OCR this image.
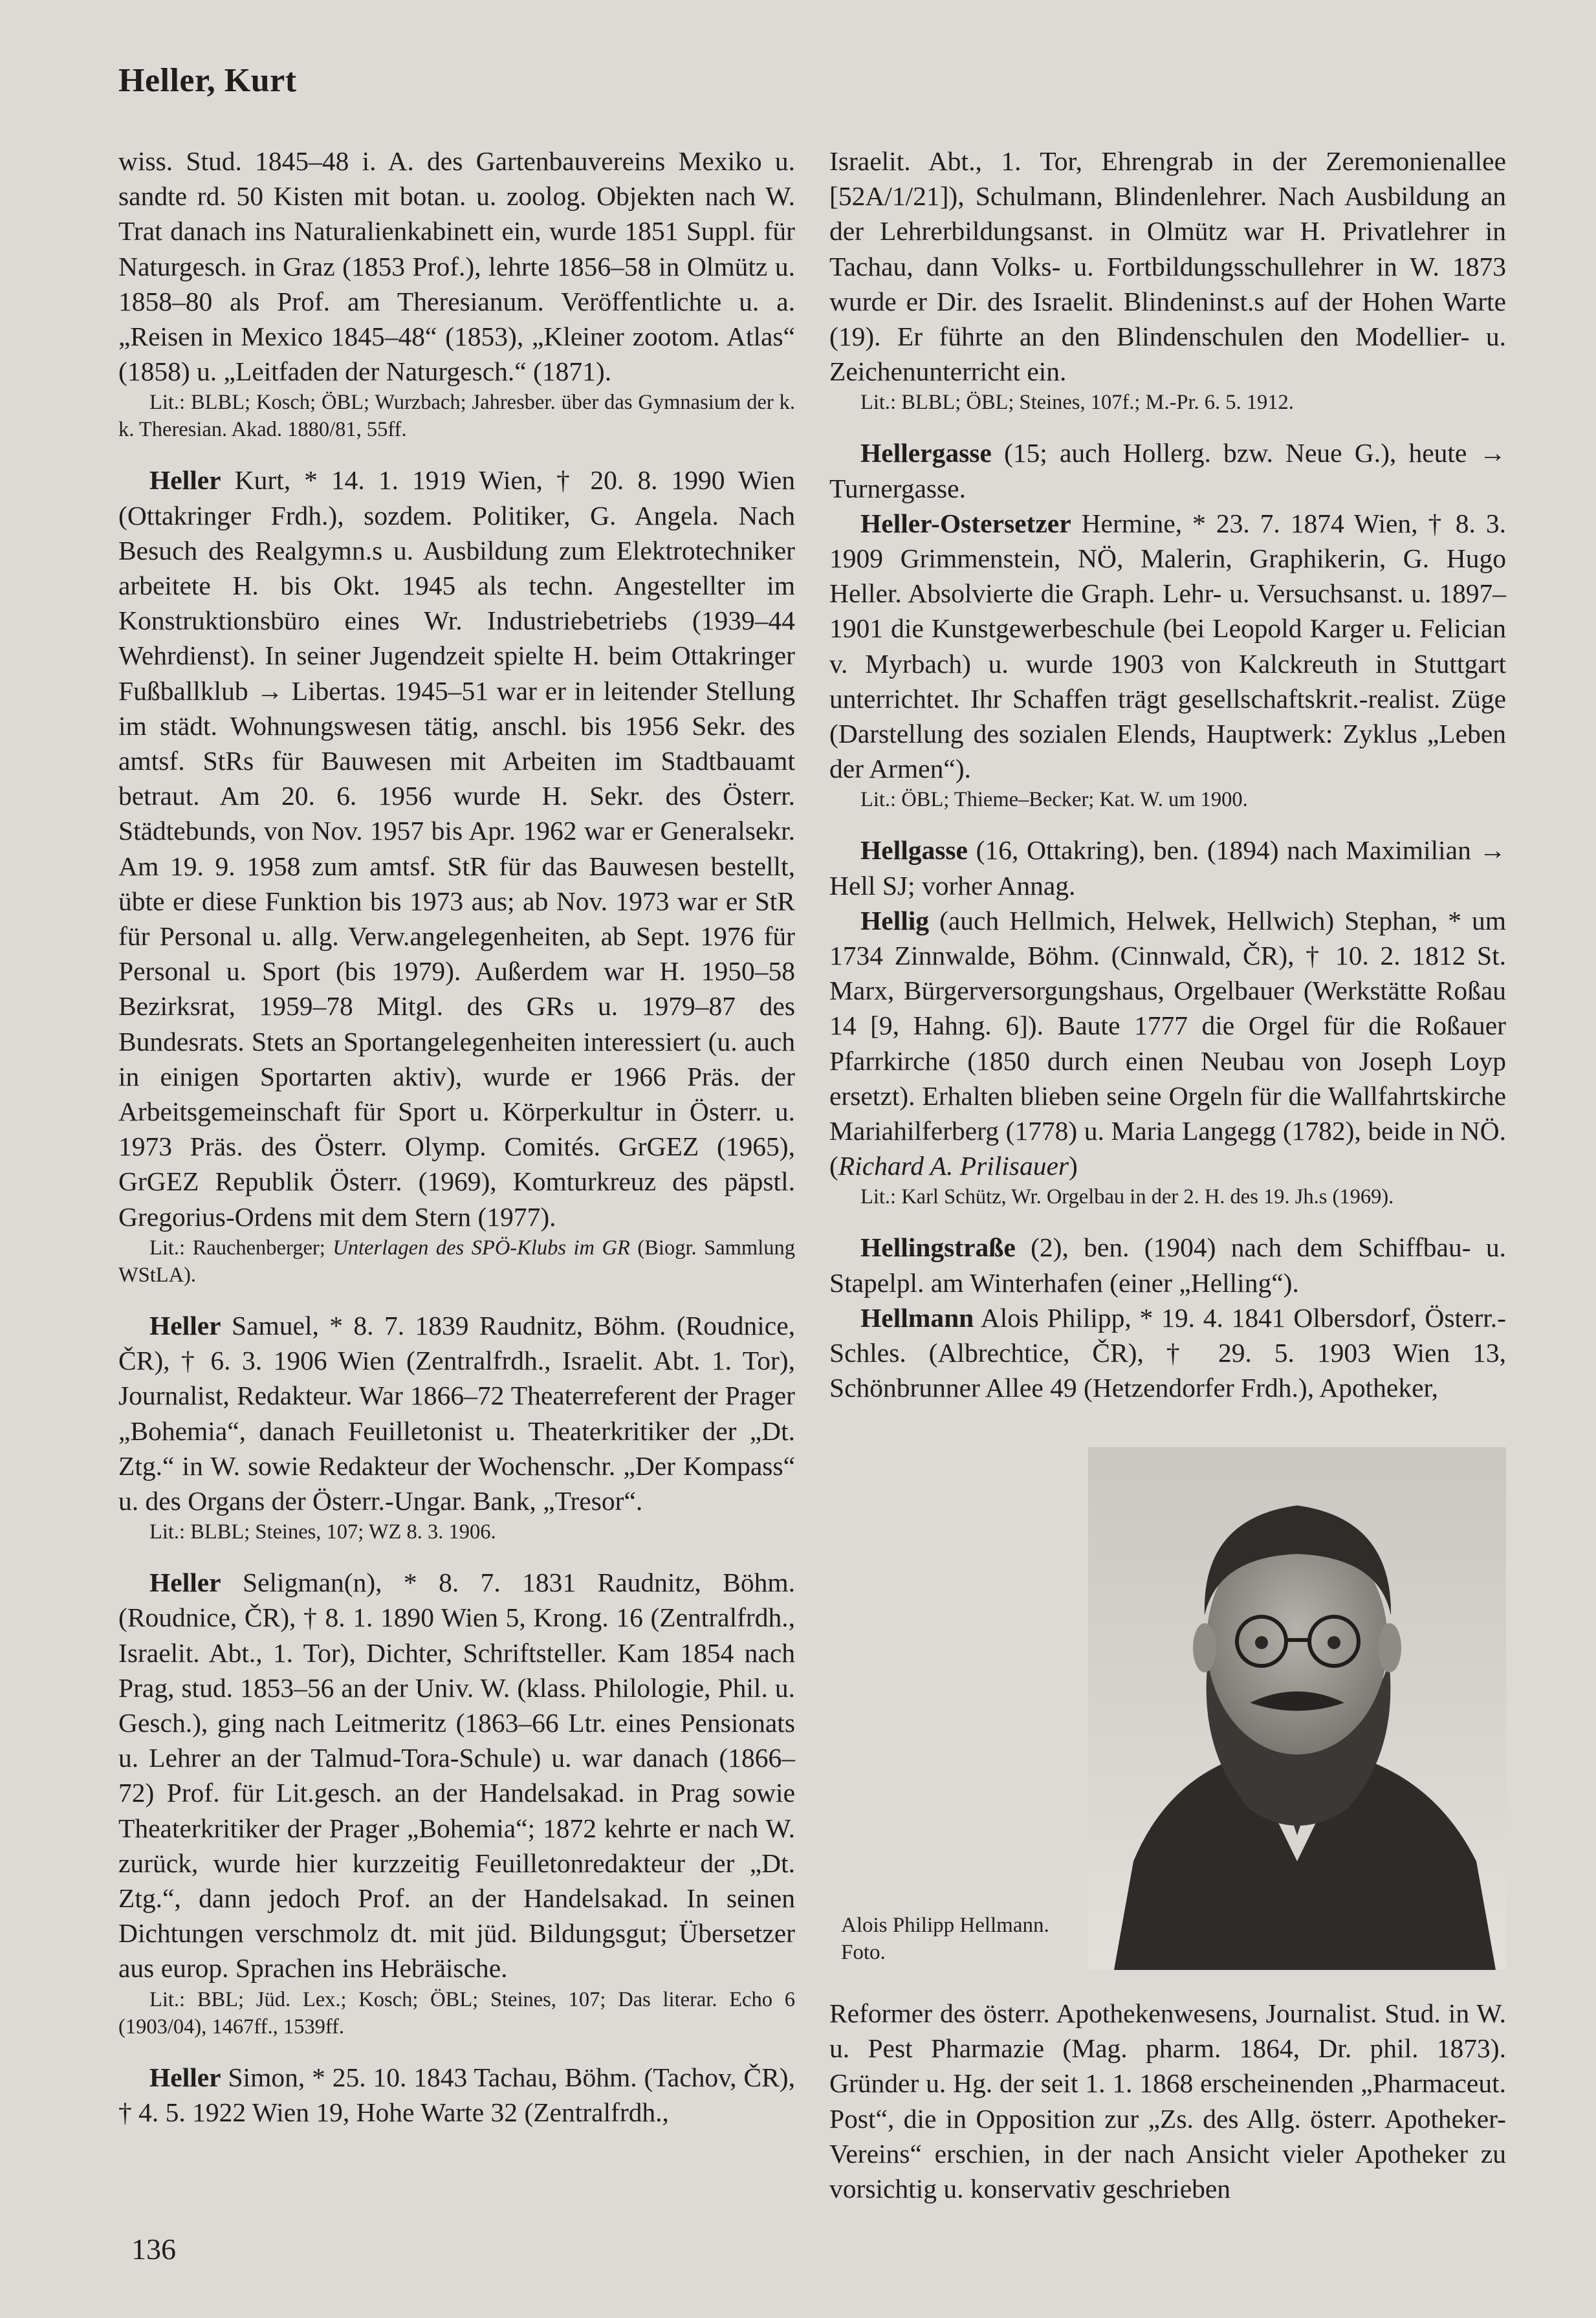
Heller, Kurt

wiss. Stud. 1845–48 i. A. des Gartenbauvereins Mexiko u. sandte rd. 50 Kisten mit botan. u. zoolog. Objekten nach W. Trat danach ins Naturalienkabinett ein, wurde 1851 Suppl. für Naturgesch. in Graz (1853 Prof.), lehrte 1856–58 in Olmütz u. 1858–80 als Prof. am Theresianum. Veröffentlichte u. a. „Reisen in Mexico 1845–48“ (1853), „Kleiner zootom. Atlas“ (1858) u. „Leitfaden der Naturgesch.“ (1871).

Lit.: BLBL; Kosch; ÖBL; Wurzbach; Jahresber. über das Gymnasium der k. k. Theresian. Akad. 1880/81, 55ff.

Heller Kurt, * 14. 1. 1919 Wien, † 20. 8. 1990 Wien (Ottakringer Frdh.), sozdem. Politiker, G. Angela. Nach Besuch des Realgymn.s u. Ausbildung zum Elektrotechniker arbeitete H. bis Okt. 1945 als techn. Angestellter im Konstruktionsbüro eines Wr. Industriebetriebs (1939–44 Wehrdienst). In seiner Jugendzeit spielte H. beim Ottakringer Fußballklub → Libertas. 1945–51 war er in leitender Stellung im städt. Wohnungswesen tätig, anschl. bis 1956 Sekr. des amtsf. StRs für Bauwesen mit Arbeiten im Stadtbauamt betraut. Am 20. 6. 1956 wurde H. Sekr. des Österr. Städtebunds, von Nov. 1957 bis Apr. 1962 war er Generalsekr. Am 19. 9. 1958 zum amtsf. StR für das Bauwesen bestellt, übte er diese Funktion bis 1973 aus; ab Nov. 1973 war er StR für Personal u. allg. Verw.angelegenheiten, ab Sept. 1976 für Personal u. Sport (bis 1979). Außerdem war H. 1950–58 Bezirksrat, 1959–78 Mitgl. des GRs u. 1979–87 des Bundesrats. Stets an Sportangelegenheiten interessiert (u. auch in einigen Sportarten aktiv), wurde er 1966 Präs. der Arbeitsgemeinschaft für Sport u. Körperkultur in Österr. u. 1973 Präs. des Österr. Olymp. Comités. GrGEZ (1965), GrGEZ Republik Österr. (1969), Komturkreuz des päpstl. Gregorius-Ordens mit dem Stern (1977).

Lit.: Rauchenberger; Unterlagen des SPÖ-Klubs im GR (Biogr. Sammlung WStLA).

Heller Samuel, * 8. 7. 1839 Raudnitz, Böhm. (Roudnice, ČR), † 6. 3. 1906 Wien (Zentralfrdh., Israelit. Abt. 1. Tor), Journalist, Redakteur. War 1866–72 Theaterreferent der Prager „Bohemia“, danach Feuilletonist u. Theaterkritiker der „Dt. Ztg.“ in W. sowie Redakteur der Wochenschr. „Der Kompass“ u. des Organs der Österr.-Ungar. Bank, „Tresor“.

Lit.: BLBL; Steines, 107; WZ 8. 3. 1906.

Heller Seligman(n), * 8. 7. 1831 Raudnitz, Böhm. (Roudnice, ČR), † 8. 1. 1890 Wien 5, Krong. 16 (Zentralfrdh., Israelit. Abt., 1. Tor), Dichter, Schriftsteller. Kam 1854 nach Prag, stud. 1853–56 an der Univ. W. (klass. Philologie, Phil. u. Gesch.), ging nach Leitmeritz (1863–66 Ltr. eines Pensionats u. Lehrer an der Talmud-Tora-Schule) u. war danach (1866–72) Prof. für Lit.gesch. an der Handelsakad. in Prag sowie Theaterkritiker der Prager „Bohemia“; 1872 kehrte er nach W. zurück, wurde hier kurzzeitig Feuilletonredakteur der „Dt. Ztg.“, dann jedoch Prof. an der Handelsakad. In seinen Dichtungen verschmolz dt. mit jüd. Bildungsgut; Übersetzer aus europ. Sprachen ins Hebräische.

Lit.: BBL; Jüd. Lex.; Kosch; ÖBL; Steines, 107; Das literar. Echo 6 (1903/04), 1467ff., 1539ff.

Heller Simon, * 25. 10. 1843 Tachau, Böhm. (Tachov, ČR), † 4. 5. 1922 Wien 19, Hohe Warte 32 (Zentralfrdh.,

Israelit. Abt., 1. Tor, Ehrengrab in der Zeremonienallee [52A/1/21]), Schulmann, Blindenlehrer. Nach Ausbildung an der Lehrerbildungsanst. in Olmütz war H. Privatlehrer in Tachau, dann Volks- u. Fortbildungsschullehrer in W. 1873 wurde er Dir. des Israelit. Blindeninst.s auf der Hohen Warte (19). Er führte an den Blindenschulen den Modellier- u. Zeichenunterricht ein.

Lit.: BLBL; ÖBL; Steines, 107f.; M.-Pr. 6. 5. 1912.

Hellergasse (15; auch Hollerg. bzw. Neue G.), heute → Turnergasse.

Heller-Ostersetzer Hermine, * 23. 7. 1874 Wien, † 8. 3. 1909 Grimmenstein, NÖ, Malerin, Graphikerin, G. Hugo Heller. Absolvierte die Graph. Lehr- u. Versuchsanst. u. 1897–1901 die Kunstgewerbeschule (bei Leopold Karger u. Felician v. Myrbach) u. wurde 1903 von Kalckreuth in Stuttgart unterrichtet. Ihr Schaffen trägt gesellschaftskrit.-realist. Züge (Darstellung des sozialen Elends, Hauptwerk: Zyklus „Leben der Armen“).

Lit.: ÖBL; Thieme–Becker; Kat. W. um 1900.

Hellgasse (16, Ottakring), ben. (1894) nach Maximilian → Hell SJ; vorher Annag.

Hellig (auch Hellmich, Helwek, Hellwich) Stephan, * um 1734 Zinnwalde, Böhm. (Cinnwald, ČR), † 10. 2. 1812 St. Marx, Bürgerversorgungshaus, Orgelbauer (Werkstätte Roßau 14 [9, Hahng. 6]). Baute 1777 die Orgel für die Roßauer Pfarrkirche (1850 durch einen Neubau von Joseph Loyp ersetzt). Erhalten blieben seine Orgeln für die Wallfahrtskirche Mariahilferberg (1778) u. Maria Langegg (1782), beide in NÖ. (Richard A. Prilisauer)

Lit.: Karl Schütz, Wr. Orgelbau in der 2. H. des 19. Jh.s (1969).

Hellingstraße (2), ben. (1904) nach dem Schiffbau- u. Stapelpl. am Winterhafen (einer „Helling“).

Hellmann Alois Philipp, * 19. 4. 1841 Olbersdorf, Österr.-Schles. (Albrechtice, ČR), † 29. 5. 1903 Wien 13, Schönbrunner Allee 49 (Hetzendorfer Frdh.), Apotheker,

Alois Philipp Hellmann. Foto.

Reformer des österr. Apothekenwesens, Journalist. Stud. in W. u. Pest Pharmazie (Mag. pharm. 1864, Dr. phil. 1873). Gründer u. Hg. der seit 1. 1. 1868 erscheinenden „Pharmaceut. Post“, die in Opposition zur „Zs. des Allg. österr. Apotheker-Vereins“ erschien, in der nach Ansicht vieler Apotheker zu vorsichtig u. konservativ geschrieben

136
